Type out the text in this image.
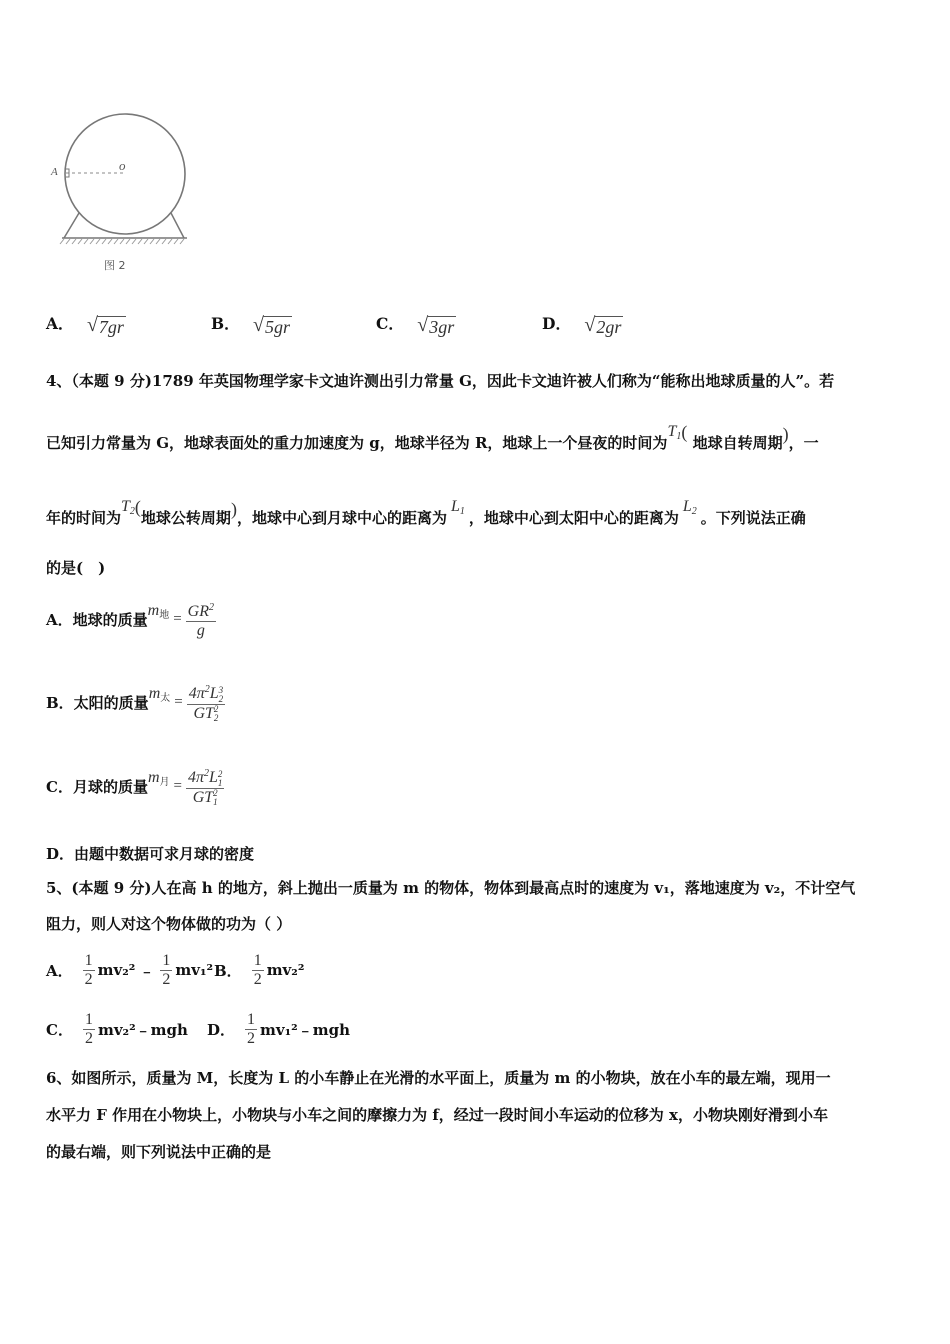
A	o
图 2
A． √ 7gr	B． √ 5gr	C． √ 3gr	D． √ 2gr
4、（本题 9 分)1789 年英国物理学家卡文迪许测出引力常量 G，因此卡文迪许被人们称为“能称出地球质量的人”。若
已知引力常量为 G，地球表面处的重力加速度为 g，地球半径为 R，地球上一个昼夜的时间为$T_1$( 地球自转周期)，一
年的时间为$T_2$(地球公转周期)，地球中心到月球中心的距离为$L_1$ ，地球中心到太阳中心的距离为$L_2$ 。下列说法正确
的是(　)
A．地球的质量
$m_地 = \frac{GR^2}{g}$
B．太阳的质量
$m_太 = 4\pi^2L$ 3
2
GT 2
2
C．月球的质量
$m_月 = 4\pi^2L$ 2
1
GT 2
1
D．由题中数据可求月球的密度
5、(本题 9 分)人在高 h 的地方，斜上抛出一质量为 m 的物体，物体到最高点时的速度为 v₁，落地速度为 v₂，不计空气
阻力，则人对这个物体做的功为（ ）
A． $\frac{1}{2} mv_2^2$ ﹣ $\frac{1}{2} mv_1^2$ B． $\frac{1}{2} mv_2^2$
C． $\frac{1}{2}$ mv₂²﹣mgh D． $\frac{1}{2}$ mv₁²﹣mgh
6、如图所示，质量为 M，长度为 L 的小车静止在光滑的水平面上，质量为 m 的小物块，放在小车的最左端，现用一
水平力 F 作用在小物块上，小物块与小车之间的摩擦力为 f，经过一段时间小车运动的位移为 x，小物块刚好滑到小车
的最右端，则下列说法中正确的是
